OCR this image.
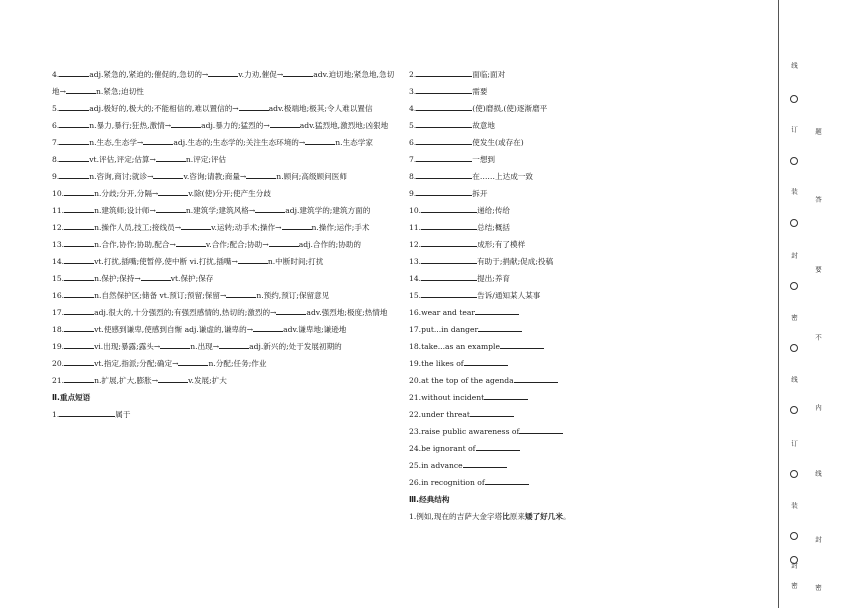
4.	adj.紧急的,紧迫的;催促的,急切的→	v.力劝,催促→	adv.迫切地;紧急地,急切地→	n.紧急;迫切性

5.	adj.极好的,极大的;不能相信的,难以置信的→	adv.极端地;极其;令人难以置信

6.	n.暴力,暴行;狂热,激情→	adj.暴力的;猛烈的→	adv.猛烈地,激烈地;凶狠地

7.	n.生态,生态学→	adj.生态的;生态学的;关注生态环境的→	n.生态学家

8.	vt.评估,评定;估算→	n.评定;评估

9.	n.咨询,商讨;就诊→	v.咨询;请教;商量→	n.顾问;高级顾问医师

10.	n.分歧;分开,分隔→	v.除(使)分开;使产生分歧

11.	n.建筑师;设计师→	n.建筑学;建筑风格→	adj.建筑学的;建筑方面的

12.	n.操作人员,技工;接线员→	v.运转;动手术;操作→	n.操作;运作;手术

13.	n.合作,协作;协助,配合→	v.合作;配合;协助→	adj.合作的;协助的

14.	vt.打扰,插嘴;使暂停,使中断 vi.打扰,插嘴→	n.中断时间;打扰

15.	n.保护;保持→	vt.保护;保存

16.	n.自然保护区;储备 vt.预订;预留;保留→	n.预约,预订;保留意见

17.	adj.很大的,十分强烈的;有强烈感情的,热切的;激烈的→	adv.强烈地;极度;热情地

18.	vt.使感到谦卑,使感到自惭 adj.谦虚的,谦卑的→	adv.谦卑地;谦逊地

19.	vi.出现;暴露;露头→	n.出现→	adj.新兴的;处于发展初期的

20.	vt.指定,指派;分配;确定→	n.分配;任务;作业

21.	n.扩展,扩大,膨胀→	v.发展;扩大

Ⅱ.重点短语

1.	属于

2.	面临;面对

3.	需要

4.	(使)磨损,(使)逐渐磨平

5.	故意地

6.	使发生(或存在)

7.	一想到

8.	在……上达成一致

9.	拆开

10.	递给;传给

11.	总结;概括

12.	成形;有了模样

13.	有助于;捐献;促成;投稿

14.	提出;养育

15.	告诉/通知某人某事

16.wear and tear

17.put...in danger

18.take...as an example

19.the likes of

20.at the top of the agenda

21.without incident

22.under threat

23.raise public awareness of

24.be ignorant of

25.in advance

26.in recognition of

Ⅲ.经典结构

1.例如,现在的吉萨大金字塔比原来矮了好几米。

线
订
装
封
密
线
订
装
封
密
题
答
要
不
内
线
封
密
